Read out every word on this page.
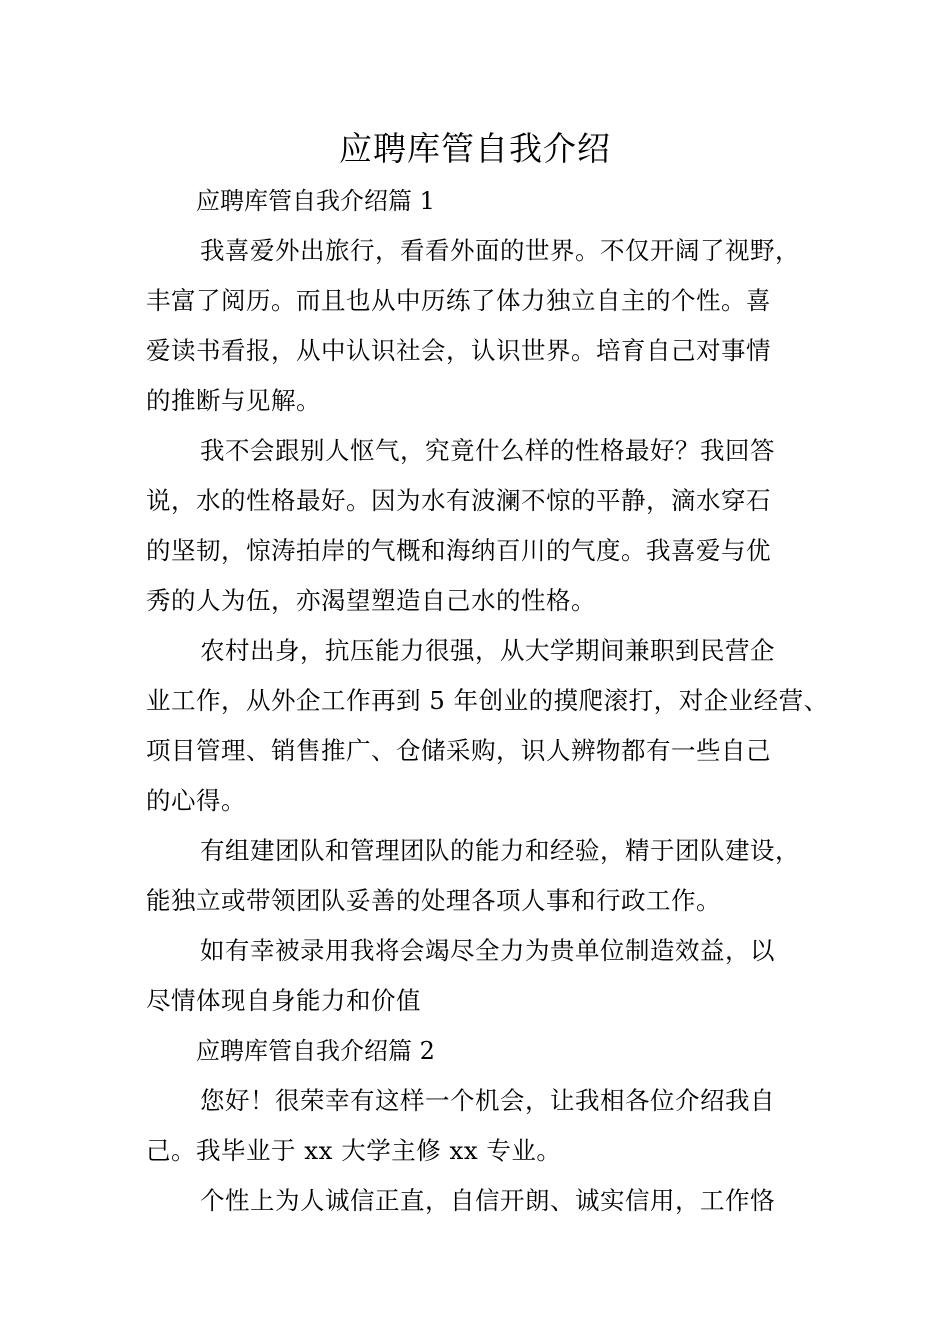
应聘库管自我介绍

应聘库管自我介绍篇 1

我喜爱外出旅行，看看外面的世界。不仅开阔了视野，
丰富了阅历。而且也从中历练了体力独立自主的个性。喜
爱读书看报，从中认识社会，认识世界。培育自己对事情
的推断与见解。
我不会跟别人怄气，究竟什么样的性格最好？我回答
说，水的性格最好。因为水有波澜不惊的平静，滴水穿石
的坚韧，惊涛拍岸的气概和海纳百川的气度。我喜爱与优
秀的人为伍，亦渴望塑造自己水的性格。
农村出身，抗压能力很强，从大学期间兼职到民营企
业工作，从外企工作再到 5 年创业的摸爬滚打，对企业经营、
项目管理、销售推广、仓储采购，识人辨物都有一些自己
的心得。
有组建团队和管理团队的能力和经验，精于团队建设，
能独立或带领团队妥善的处理各项人事和行政工作。
如有幸被录用我将会竭尽全力为贵单位制造效益，以
尽情体现自身能力和价值

应聘库管自我介绍篇 2

您好！很荣幸有这样一个机会，让我相各位介绍我自
己。我毕业于 xx 大学主修 xx 专业。
个性上为人诚信正直，自信开朗、诚实信用，工作恪
